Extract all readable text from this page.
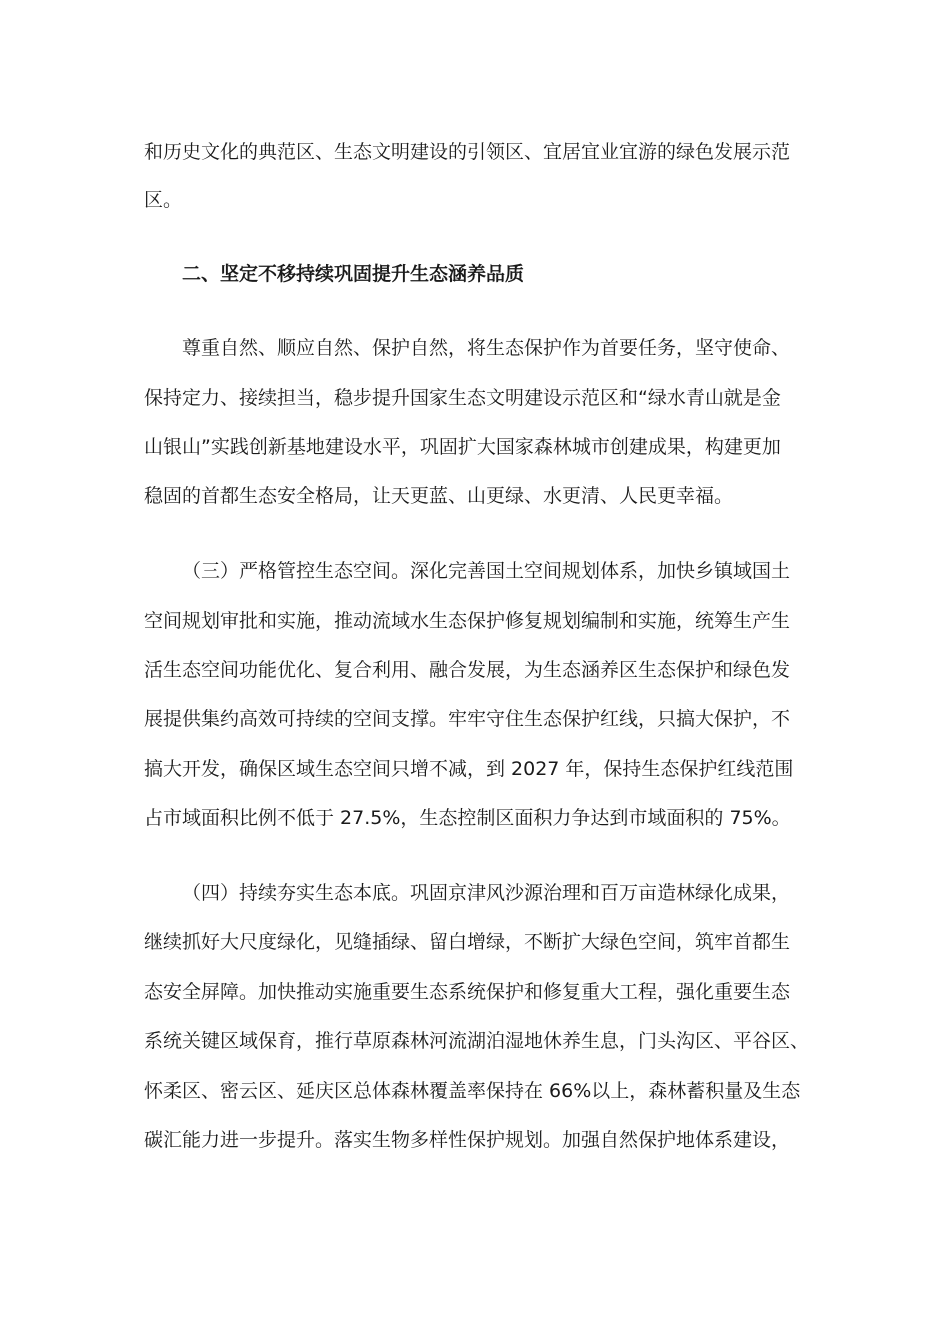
和历史文化的典范区、生态文明建设的引领区、宜居宜业宜游的绿色发展示范
区。
二、坚定不移持续巩固提升生态涵养品质
尊重自然、顺应自然、保护自然，将生态保护作为首要任务，坚守使命、
保持定力、接续担当，稳步提升国家生态文明建设示范区和“绿水青山就是金
山银山”实践创新基地建设水平，巩固扩大国家森林城市创建成果，构建更加
稳固的首都生态安全格局，让天更蓝、山更绿、水更清、人民更幸福。
（三）严格管控生态空间。深化完善国土空间规划体系，加快乡镇域国土
空间规划审批和实施，推动流域水生态保护修复规划编制和实施，统筹生产生
活生态空间功能优化、复合利用、融合发展，为生态涵养区生态保护和绿色发
展提供集约高效可持续的空间支撑。牢牢守住生态保护红线，只搞大保护，不
搞大开发，确保区域生态空间只增不减，到 2027 年，保持生态保护红线范围
占市域面积比例不低于 27.5%，生态控制区面积力争达到市域面积的 75%。
（四）持续夯实生态本底。巩固京津风沙源治理和百万亩造林绿化成果，
继续抓好大尺度绿化，见缝插绿、留白增绿，不断扩大绿色空间，筑牢首都生
态安全屏障。加快推动实施重要生态系统保护和修复重大工程，强化重要生态
系统关键区域保育，推行草原森林河流湖泊湿地休养生息，门头沟区、平谷区、
怀柔区、密云区、延庆区总体森林覆盖率保持在 66%以上，森林蓄积量及生态
碳汇能力进一步提升。落实生物多样性保护规划。加强自然保护地体系建设，
